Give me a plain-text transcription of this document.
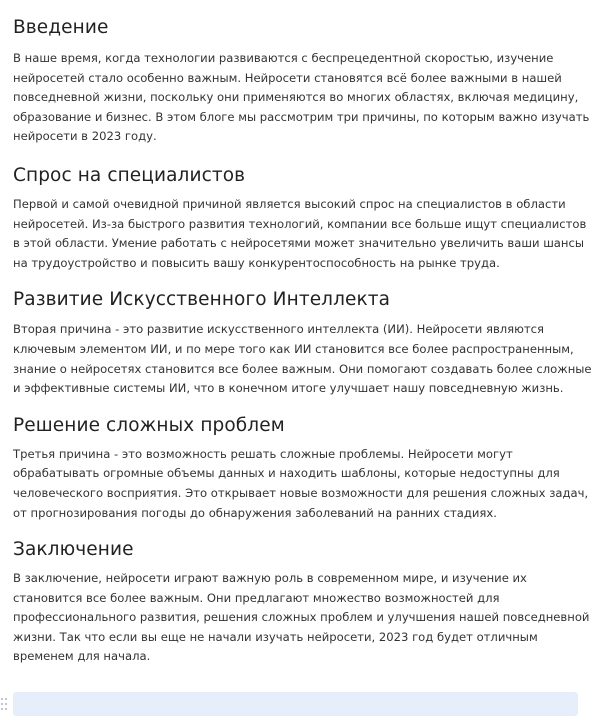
Введение

В наше время, когда технологии развиваются с беспрецедентной скоростью, изучение нейросетей стало особенно важным. Нейросети становятся всё более важными в нашей повседневной жизни, поскольку они применяются во многих областях, включая медицину, образование и бизнес. В этом блоге мы рассмотрим три причины, по которым важно изучать нейросети в 2023 году.

Спрос на специалистов

Первой и самой очевидной причиной является высокий спрос на специалистов в области нейросетей. Из-за быстрого развития технологий, компании все больше ищут специалистов в этой области. Умение работать с нейросетями может значительно увеличить ваши шансы на трудоустройство и повысить вашу конкурентоспособность на рынке труда.

Развитие Искусственного Интеллекта

Вторая причина - это развитие искусственного интеллекта (ИИ). Нейросети являются ключевым элементом ИИ, и по мере того как ИИ становится все более распространенным, знание о нейросетях становится все более важным. Они помогают создавать более сложные и эффективные системы ИИ, что в конечном итоге улучшает нашу повседневную жизнь.

Решение сложных проблем

Третья причина - это возможность решать сложные проблемы. Нейросети могут обрабатывать огромные объемы данных и находить шаблоны, которые недоступны для человеческого восприятия. Это открывает новые возможности для решения сложных задач, от прогнозирования погоды до обнаружения заболеваний на ранних стадиях.

Заключение

В заключение, нейросети играют важную роль в современном мире, и изучение их становится все более важным. Они предлагают множество возможностей для профессионального развития, решения сложных проблем и улучшения нашей повседневной жизни. Так что если вы еще не начали изучать нейросети, 2023 год будет отличным временем для начала.
